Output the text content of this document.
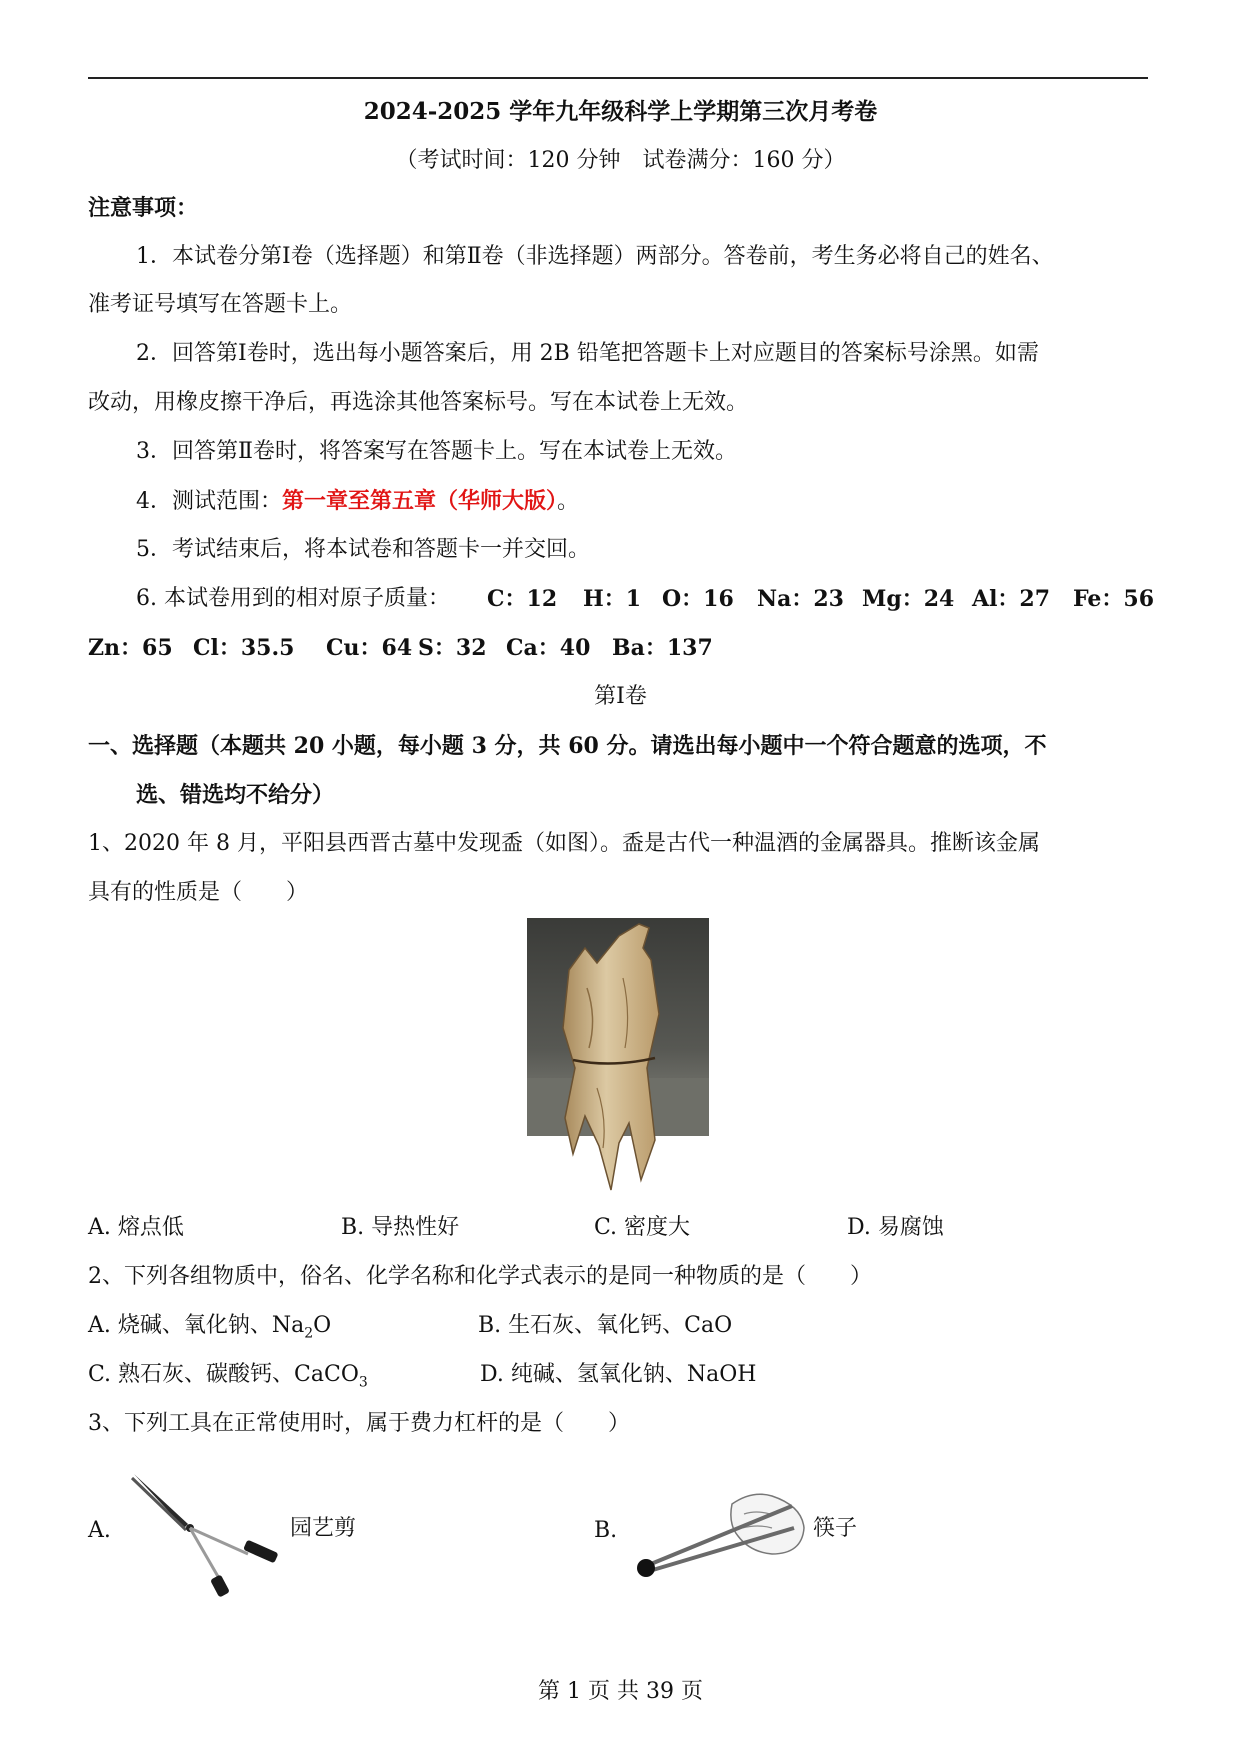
2024-2025 学年九年级科学上学期第三次月考卷
（考试时间：120 分钟　试卷满分：160 分）
注意事项：
1．本试卷分第Ⅰ卷（选择题）和第Ⅱ卷（非选择题）两部分。答卷前，考生务必将自己的姓名、
准考证号填写在答题卡上。
2．回答第Ⅰ卷时，选出每小题答案后，用 2B 铅笔把答题卡上对应题目的答案标号涂黑。如需
改动，用橡皮擦干净后，再选涂其他答案标号。写在本试卷上无效。
3．回答第Ⅱ卷时，将答案写在答题卡上。写在本试卷上无效。
4．测试范围：第一章至第五章（华师大版）。
5．考试结束后，将本试卷和答题卡一并交回。
6. 本试卷用到的相对原子质量： C：12 H：1 O：16 Na：23 Mg：24 Al：27 Fe：56
Zn：65 Cl：35.5 Cu：64 S：32 Ca：40 Ba：137
第Ⅰ卷
一、选择题（本题共 20 小题，每小题 3 分，共 60 分。请选出每小题中一个符合题意的选项，不
选、错选均不给分）
1、2020 年 8 月，平阳县西晋古墓中发现盉（如图）。盉是古代一种温酒的金属器具。推断该金属
具有的性质是（　　）
A. 熔点低	B. 导热性好	C. 密度大	D. 易腐蚀
2、下列各组物质中，俗名、化学名称和化学式表示的是同一种物质的是（　　）
A. 烧碱、氧化钠、$Na_2O$	B. 生石灰、氧化钙、CaO
C. 熟石灰、碳酸钙、CaCO$_3$	D. 纯碱、氢氧化钠、NaOH
3、下列工具在正常使用时，属于费力杠杆的是（　　）
A.	园艺剪	B.	筷子
第 1 页 共 39 页
